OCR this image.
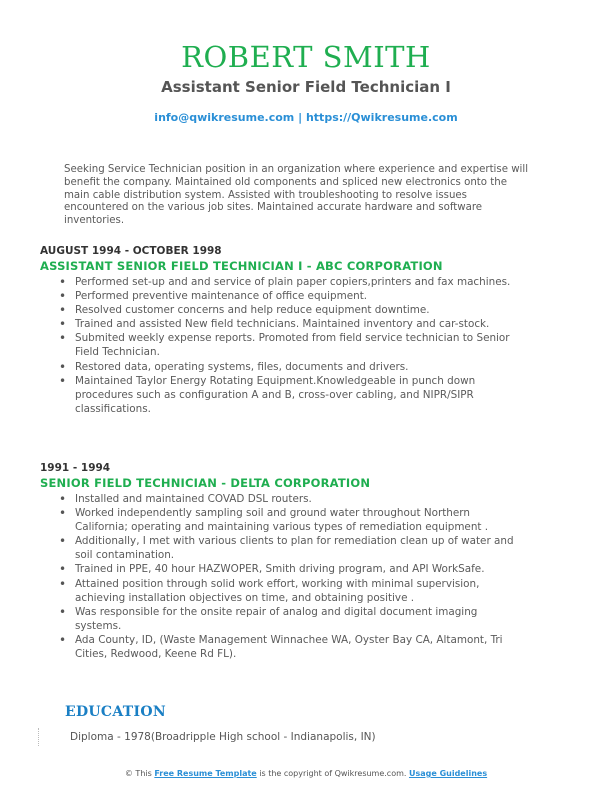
ROBERT SMITH
Assistant Senior Field Technician I
info@qwikresume.com | https://Qwikresume.com
Seeking Service Technician position in an organization where experience and expertise will benefit the company. Maintained old components and spliced new electronics onto the main cable distribution system. Assisted with troubleshooting to resolve issues encountered on the various job sites. Maintained accurate hardware and software inventories.
AUGUST 1994 - OCTOBER 1998
ASSISTANT SENIOR FIELD TECHNICIAN I - ABC CORPORATION
• Performed set-up and and service of plain paper copiers,printers and fax machines.
• Performed preventive maintenance of office equipment.
• Resolved customer concerns and help reduce equipment downtime.
• Trained and assisted New field technicians. Maintained inventory and car-stock.
• Submited weekly expense reports. Promoted from field service technician to Senior Field Technician.
• Restored data, operating systems, files, documents and drivers.
• Maintained Taylor Energy Rotating Equipment.Knowledgeable in punch down procedures such as configuration A and B, cross-over cabling, and NIPR/SIPR classifications.
1991 - 1994
SENIOR FIELD TECHNICIAN - DELTA CORPORATION
• Installed and maintained COVAD DSL routers.
• Worked independently sampling soil and ground water throughout Northern California; operating and maintaining various types of remediation equipment .
• Additionally, I met with various clients to plan for remediation clean up of water and soil contamination.
• Trained in PPE, 40 hour HAZWOPER, Smith driving program, and API WorkSafe.
• Attained position through solid work effort, working with minimal supervision, achieving installation objectives on time, and obtaining positive .
• Was responsible for the onsite repair of analog and digital document imaging systems.
• Ada County, ID, (Waste Management Winnachee WA, Oyster Bay CA, Altamont, Tri Cities, Redwood, Keene Rd FL).
EDUCATION
Diploma - 1978(Broadripple High school - Indianapolis, IN)
© This Free Resume Template is the copyright of Qwikresume.com. Usage Guidelines
